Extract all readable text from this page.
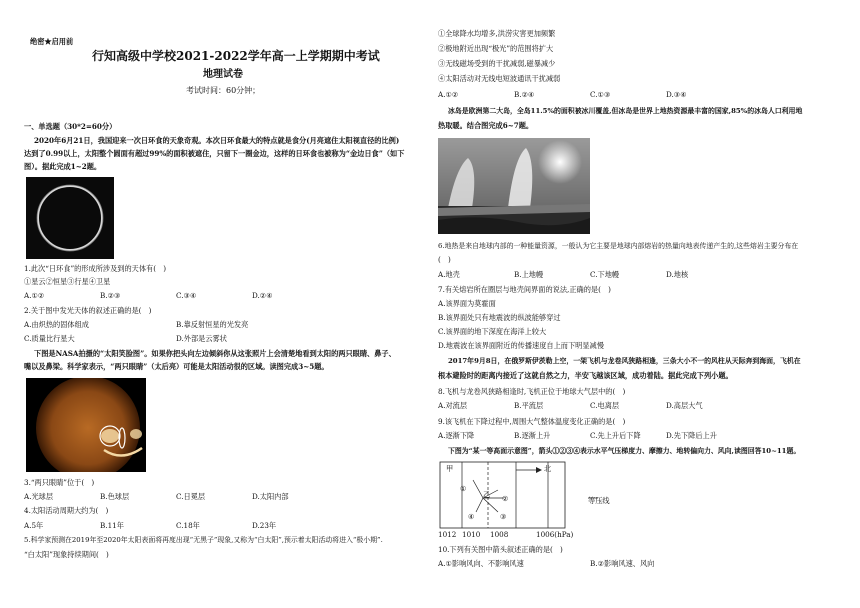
绝密★启用前
行知高级中学校2021-2022学年高一上学期期中考试
地理试卷
考试时间：60分钟；
一、单选题（30*2=60分）
2020年6月21日，我国迎来一次日环食的天象奇观。本次日环食最大的特点就是食分(月亮遮住太阳视直径的比例)
达到了0.99以上，太阳整个圆面有超过99%的面积被遮住，只留下一圈金边，这样的日环食也被称为“金边日食”（如下
图）。据此完成1~2题。
1.此次“日环食”的形成所涉及到的天体有(　)
①星云②恒星③行星④卫星
A.①②	B.②③	C.③④	D.②④
2.关于图中发光天体的叙述正确的是(　)
A.由炽热的固体组成	B.靠反射恒星的光发亮
C.质量比行星大	D.外部是云雾状
下图是NASA拍摄的“太阳笑脸图”。如果你把头向左边倾斜你从这张照片上会清楚地看到太阳的两只眼睛、鼻子、
嘴以及鼻梁。科学家表示，“两只眼睛”（太后亮）可能是太阳活动很的区域。读图完成3~5题。
3.“两只眼睛”位于(　)
A.光球层	B.色球层	C.日冕层	D.太阳内部
4.太阳活动周期大约为(　)
A.5年	B.11年	C.18年	D.23年
5.科学家预测在2019年至2020年太阳表面将再度出现“无黑子”现象,又称为“白太阳”,预示着太阳活动将进入“极小期”.
“白太阳”现象持续期间(　)
①全球降水均增多,洪涝灾害更加频繁
②极地附近出现“极光”的范围将扩大
③无线磁场受到的干扰减弱,磁暴减少
④太阳活动对无线电短波通讯干扰减弱
A.①②	B.②④	C.①③	D.③④
冰岛是欧洲第二大岛，全岛11.5%的面积被冰川覆盖,但冰岛是世界上地热资源最丰富的国家,85%的冰岛人口利用地
热取暖。结合图完成6~7题。
6.地热是来自地球内部的一种能量资源，一般认为它主要是地球内部熔岩的热量向地表传递产生的,这些熔岩主要分布在
(　)
A.地壳	B.上地幔	C.下地幔	D.地核
7.有关熔岩所在圈层与地壳间界面的说法,正确的是(　)
A.该界面为莫霍面
B.该界面处只有地震波的纵波能够穿过
C.该界面的地下深度在海洋上较大
D.地震波在该界面附近的传播速度自上而下明显减慢
2017年9月8日，在俄罗斯伊茨勒上空，一架飞机与龙卷风狭路相逢，三条大小不一的风柱从天际奔到海面，飞机在
根本避险时的距离内接近了这就自然之力，半安飞越该区域，成功着陆。据此完成下列小题。
8.飞机与龙卷风狭路相逢时,飞机正位于地球大气层中的(　)
A.对流层	B.平流层	C.电离层	D.高层大气
9.该飞机在下降过程中,周围大气整体温度变化正确的是(　)
A.逐渐下降	B.逐渐上升	C.先上升后下降	D.先下降后上升
下图为“某一等高面示意图”，箭头①②③④表示水平气压梯度力、摩擦力、地转偏向力、风向,读图回答10~11题。
甲	北
乙
①
②
③
④
等压线
1012 1010 1008	1006(hPa)
10.下列有关图中箭头叙述正确的是(　)
A.①影响风向、不影响风速	B.②影响风速、风向
